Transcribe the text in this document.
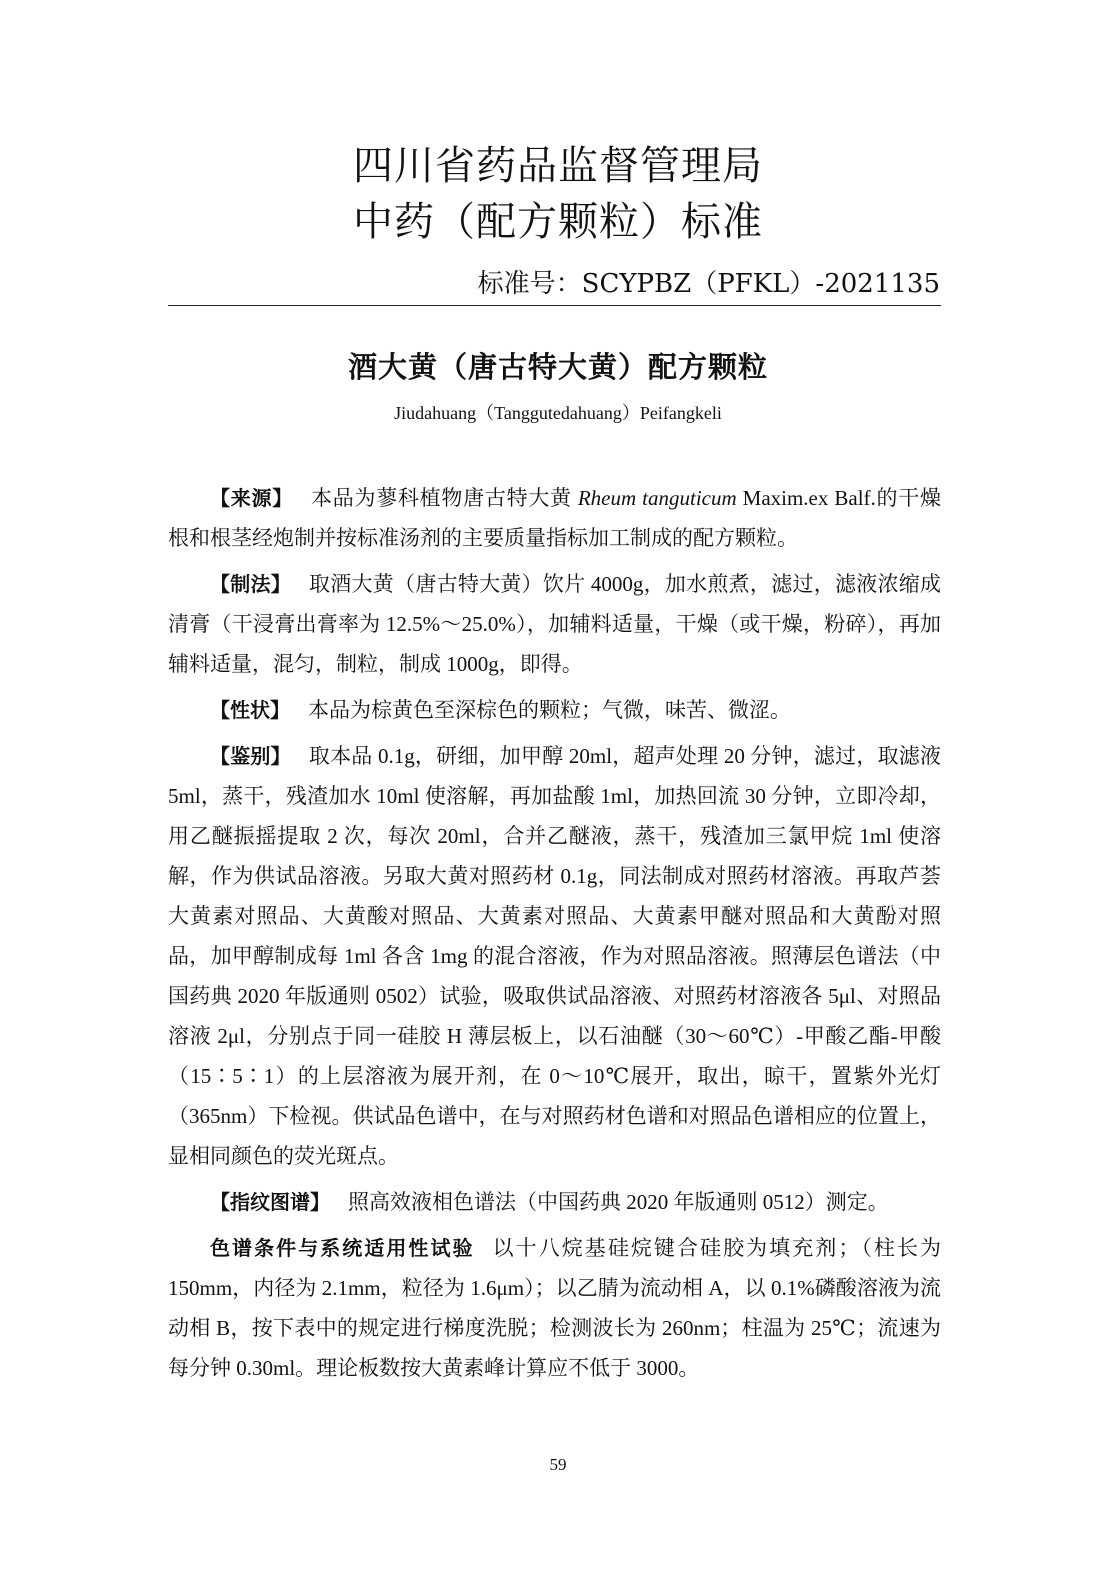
四川省药品监督管理局
中药（配方颗粒）标准
标准号：SCYPBZ（PFKL）-2021135
酒大黄（唐古特大黄）配方颗粒
Jiudahuang（Tanggutedahuang）Peifangkeli

【来源】 本品为蓼科植物唐古特大黄 Rheum tanguticum Maxim.ex Balf.的干燥根和根茎经炮制并按标准汤剂的主要质量指标加工制成的配方颗粒。

【制法】 取酒大黄（唐古特大黄）饮片 4000g，加水煎煮，滤过，滤液浓缩成清膏（干浸膏出膏率为 12.5%～25.0%），加辅料适量，干燥（或干燥，粉碎），再加辅料适量，混匀，制粒，制成 1000g，即得。

【性状】 本品为棕黄色至深棕色的颗粒；气微，味苦、微涩。

【鉴别】 取本品 0.1g，研细，加甲醇 20ml，超声处理 20 分钟，滤过，取滤液 5ml，蒸干，残渣加水 10ml 使溶解，再加盐酸 1ml，加热回流 30 分钟，立即冷却，用乙醚振摇提取 2 次，每次 20ml，合并乙醚液，蒸干，残渣加三氯甲烷 1ml 使溶解，作为供试品溶液。另取大黄对照药材 0.1g，同法制成对照药材溶液。再取芦荟大黄素对照品、大黄酸对照品、大黄素对照品、大黄素甲醚对照品和大黄酚对照品，加甲醇制成每 1ml 各含 1mg 的混合溶液，作为对照品溶液。照薄层色谱法（中国药典 2020 年版通则 0502）试验，吸取供试品溶液、对照药材溶液各 5μl、对照品溶液 2μl，分别点于同一硅胶 H 薄层板上，以石油醚（30～60℃）-甲酸乙酯-甲酸（15∶5∶1）的上层溶液为展开剂，在 0～10℃展开，取出，晾干，置紫外光灯（365nm）下检视。供试品色谱中，在与对照药材色谱和对照品色谱相应的位置上，显相同颜色的荧光斑点。

【指纹图谱】 照高效液相色谱法（中国药典 2020 年版通则 0512）测定。

色谱条件与系统适用性试验 以十八烷基硅烷键合硅胶为填充剂；（柱长为 150mm，内径为 2.1mm，粒径为 1.6μm）；以乙腈为流动相 A，以 0.1%磷酸溶液为流动相 B，按下表中的规定进行梯度洗脱；检测波长为 260nm；柱温为 25℃；流速为每分钟 0.30ml。理论板数按大黄素峰计算应不低于 3000。

59
